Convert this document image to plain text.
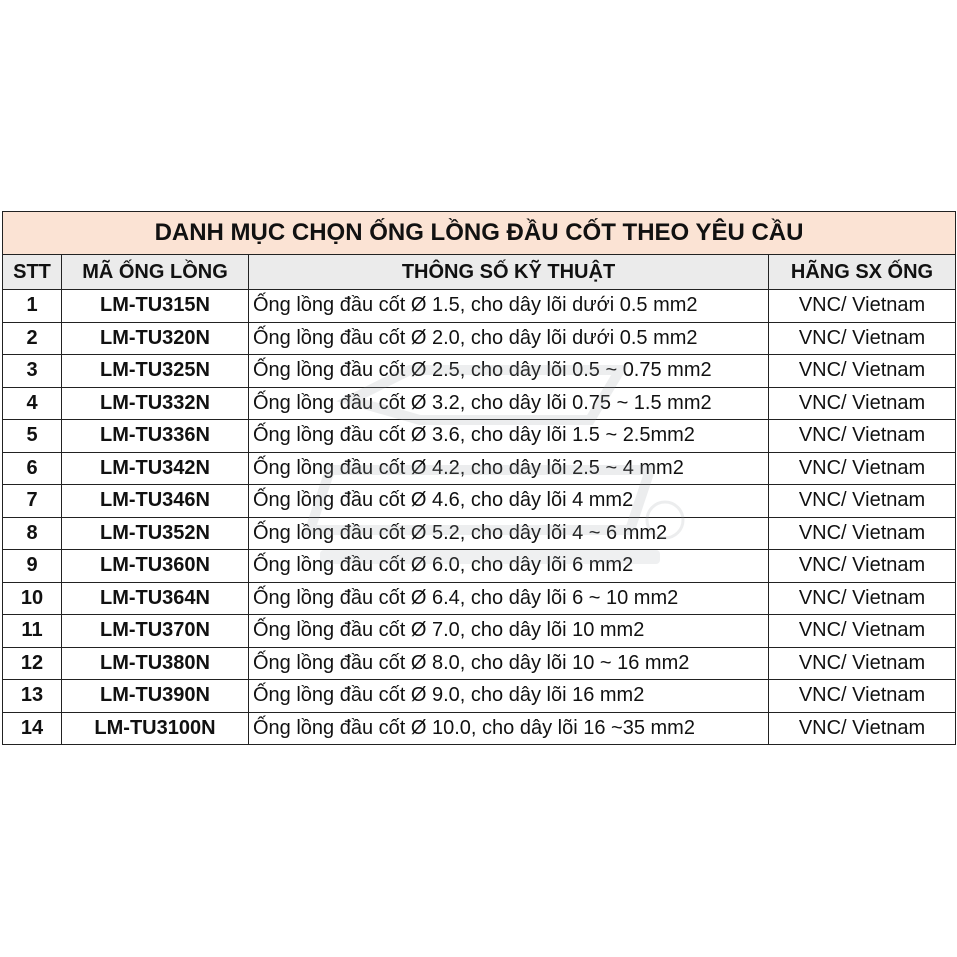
DANH MỤC CHỌN ỐNG LỒNG ĐẦU CỐT THEO YÊU CẦU			
STT	MÃ ỐNG LỒNG	THÔNG SỐ KỸ THUẬT	HÃNG SX ỐNG
1	LM-TU315N	Ống lồng đầu cốt Ø 1.5, cho dây lõi dưới 0.5 mm2	VNC/ Vietnam
2	LM-TU320N	Ống lồng đầu cốt Ø 2.0, cho dây lõi dưới 0.5 mm2	VNC/ Vietnam
3	LM-TU325N	Ống lồng đầu cốt Ø 2.5, cho dây lõi 0.5 ~ 0.75 mm2	VNC/ Vietnam
4	LM-TU332N	Ống lồng đầu cốt Ø 3.2, cho dây lõi 0.75 ~ 1.5 mm2	VNC/ Vietnam
5	LM-TU336N	Ống lồng đầu cốt Ø 3.6, cho dây lõi 1.5 ~ 2.5mm2	VNC/ Vietnam
6	LM-TU342N	Ống lồng đầu cốt Ø 4.2, cho dây lõi 2.5 ~ 4 mm2	VNC/ Vietnam
7	LM-TU346N	Ống lồng đầu cốt Ø 4.6, cho dây lõi 4 mm2	VNC/ Vietnam
8	LM-TU352N	Ống lồng đầu cốt Ø 5.2, cho dây lõi 4 ~ 6 mm2	VNC/ Vietnam
9	LM-TU360N	Ống lồng đầu cốt Ø 6.0, cho dây lõi 6 mm2	VNC/ Vietnam
10	LM-TU364N	Ống lồng đầu cốt Ø 6.4, cho dây lõi 6 ~ 10 mm2	VNC/ Vietnam
11	LM-TU370N	Ống lồng đầu cốt Ø 7.0, cho dây lõi 10 mm2	VNC/ Vietnam
12	LM-TU380N	Ống lồng đầu cốt Ø 8.0, cho dây lõi 10 ~ 16 mm2	VNC/ Vietnam
13	LM-TU390N	Ống lồng đầu cốt Ø 9.0, cho dây lõi 16 mm2	VNC/ Vietnam
14	LM-TU3100N	Ống lồng đầu cốt Ø 10.0, cho dây lõi 16 ~35 mm2	VNC/ Vietnam
